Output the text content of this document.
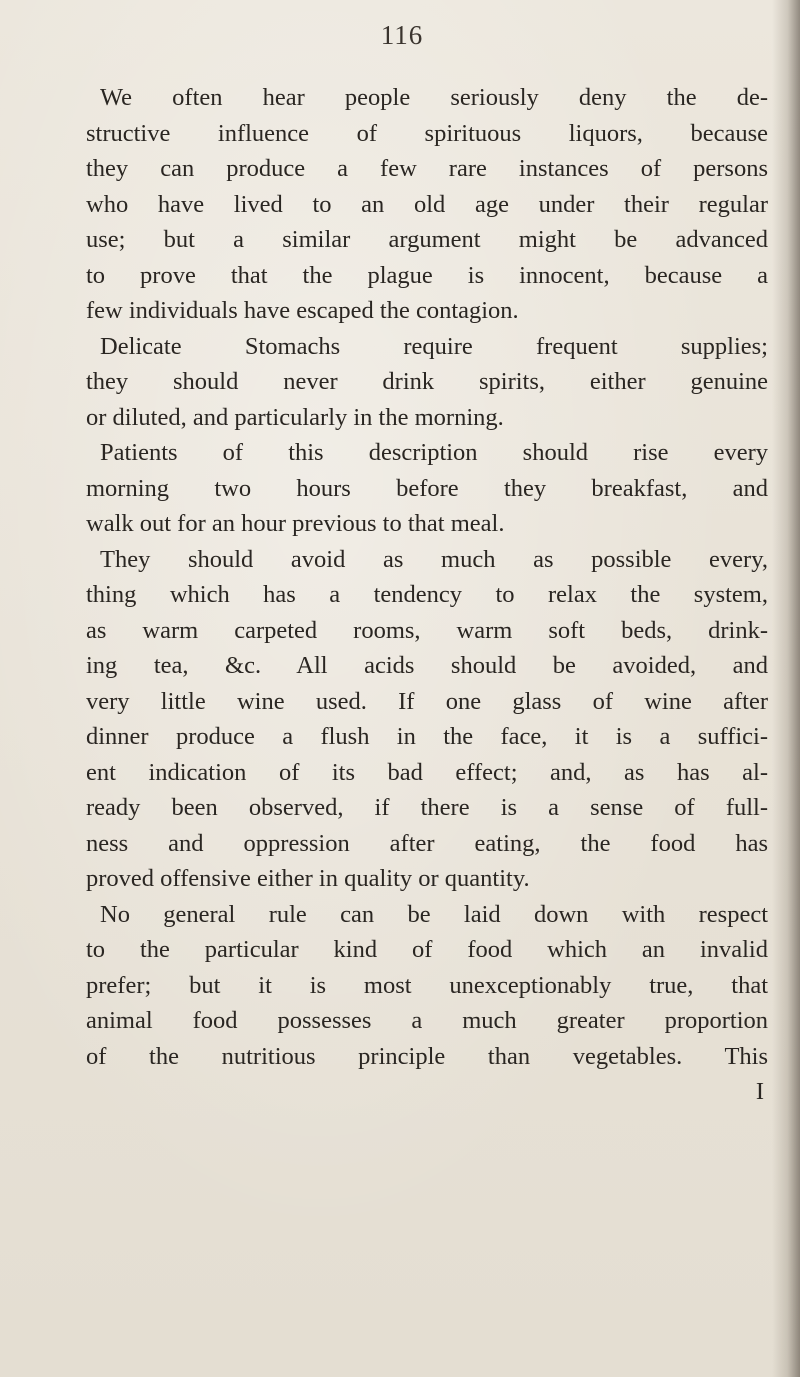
116
We often hear people seriously deny the de-
structive influence of spirituous liquors, because
they can produce a few rare instances of persons
who have lived to an old age under their regular
use; but a similar argument might be advanced
to prove that the plague is innocent, because a
few individuals have escaped the contagion.
Delicate Stomachs require frequent supplies;
they should never drink spirits, either genuine
or diluted, and particularly in the morning.
Patients of this description should rise every
morning two hours before they breakfast, and
walk out for an hour previous to that meal.
They should avoid as much as possible every,
thing which has a tendency to relax the system,
as warm carpeted rooms, warm soft beds, drink-
ing tea, &c. All acids should be avoided, and
very little wine used. If one glass of wine after
dinner produce a flush in the face, it is a suffici-
ent indication of its bad effect; and, as has al-
ready been observed, if there is a sense of full-
ness and oppression after eating, the food has
proved offensive either in quality or quantity.
No general rule can be laid down with respect
to the particular kind of food which an invalid
prefer; but it is most unexceptionably true, that
animal food possesses a much greater proportion
of the nutritious principle than vegetables. This
I
